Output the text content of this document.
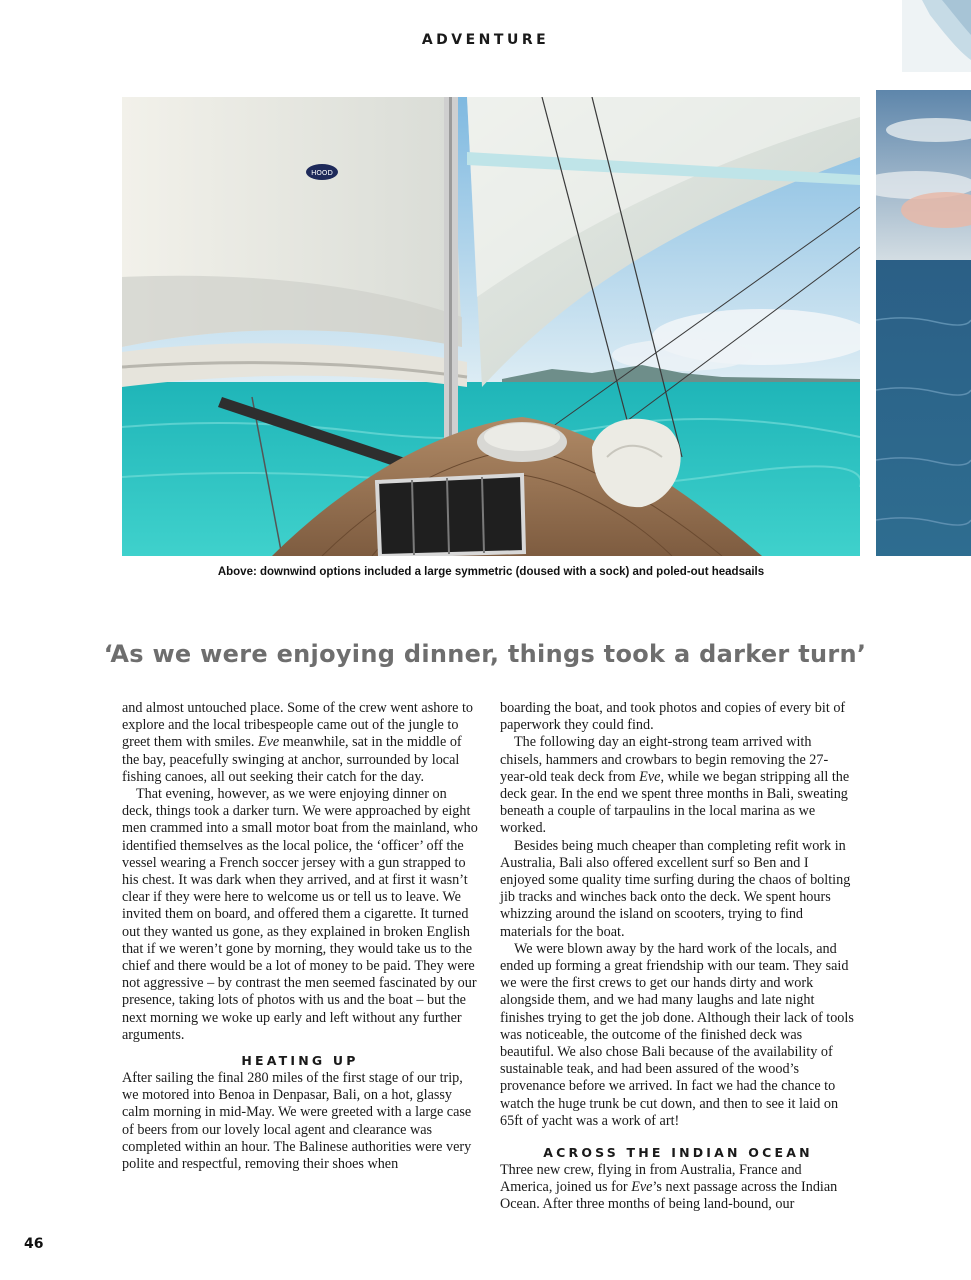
ADVENTURE
HOOD
Above: downwind options included a large symmetric (doused with a sock) and poled-out headsails
‘As we were enjoying dinner, things took a darker turn’

and almost untouched place. Some of the crew went ashore to explore and the local tribespeople came out of the jungle to greet them with smiles. Eve meanwhile, sat in the middle of the bay, peacefully swinging at anchor, surrounded by local fishing canoes, all out seeking their catch for the day.

That evening, however, as we were enjoying dinner on deck, things took a darker turn. We were approached by eight men crammed into a small motor boat from the mainland, who identified themselves as the local police, the ‘officer’ off the vessel wearing a French soccer jersey with a gun strapped to his chest. It was dark when they arrived, and at first it wasn’t clear if they were here to welcome us or tell us to leave. We invited them on board, and offered them a cigarette. It turned out they wanted us gone, as they explained in broken English that if we weren’t gone by morning, they would take us to the chief and there would be a lot of money to be paid. They were not aggressive – by contrast the men seemed fascinated by our presence, taking lots of photos with us and the boat – but the next morning we woke up early and left without any further arguments.

HEATING UP

After sailing the final 280 miles of the first stage of our trip, we motored into Benoa in Denpasar, Bali, on a hot, glassy calm morning in mid-May. We were greeted with a large case of beers from our lovely local agent and clearance was completed within an hour. The Balinese authorities were very polite and respectful, removing their shoes when

boarding the boat, and took photos and copies of every bit of paperwork they could find.

The following day an eight-strong team arrived with chisels, hammers and crowbars to begin removing the 27-year-old teak deck from Eve, while we began stripping all the deck gear. In the end we spent three months in Bali, sweating beneath a couple of tarpaulins in the local marina as we worked.

Besides being much cheaper than completing refit work in Australia, Bali also offered excellent surf so Ben and I enjoyed some quality time surfing during the chaos of bolting jib tracks and winches back onto the deck. We spent hours whizzing around the island on scooters, trying to find materials for the boat.

We were blown away by the hard work of the locals, and ended up forming a great friendship with our team. They said we were the first crews to get our hands dirty and work alongside them, and we had many laughs and late night finishes trying to get the job done. Although their lack of tools was noticeable, the outcome of the finished deck was beautiful. We also chose Bali because of the availability of sustainable teak, and had been assured of the wood’s provenance before we arrived. In fact we had the chance to watch the huge trunk be cut down, and then to see it laid on 65ft of yacht was a work of art!

ACROSS THE INDIAN OCEAN

Three new crew, flying in from Australia, France and America, joined us for Eve’s next passage across the Indian Ocean. After three months of being land-bound, our

46
